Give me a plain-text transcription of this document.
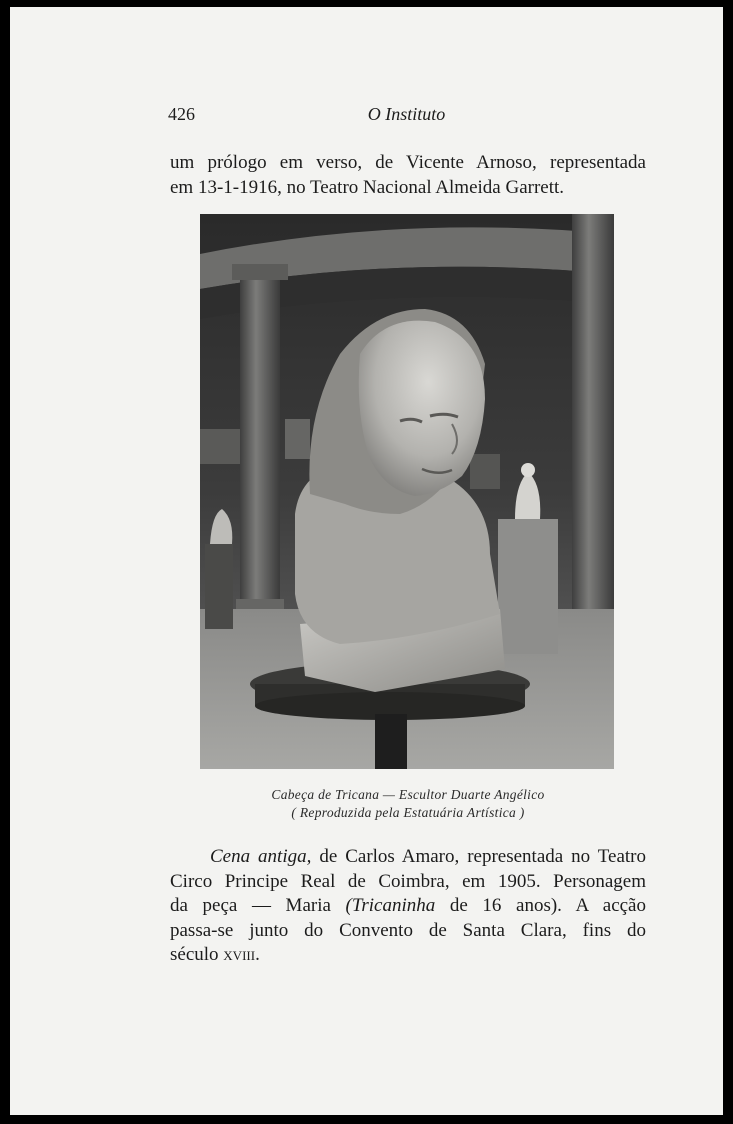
426	O Instituto
um prólogo em verso, de Vicente Arnoso, representada
em 13-1-1916, no Teatro Nacional Almeida Garrett.
Cabeça de Tricana — Escultor Duarte Angélico
( Reproduzida pela Estatuária Artística )
Cena antiga, de Carlos Amaro, representada no Teatro
Circo Principe Real de Coimbra, em 1905. Personagem
da peça — Maria (Tricaninha de 16 anos). A acção
passa-se junto do Convento de Santa Clara, fins do
século xviii.
